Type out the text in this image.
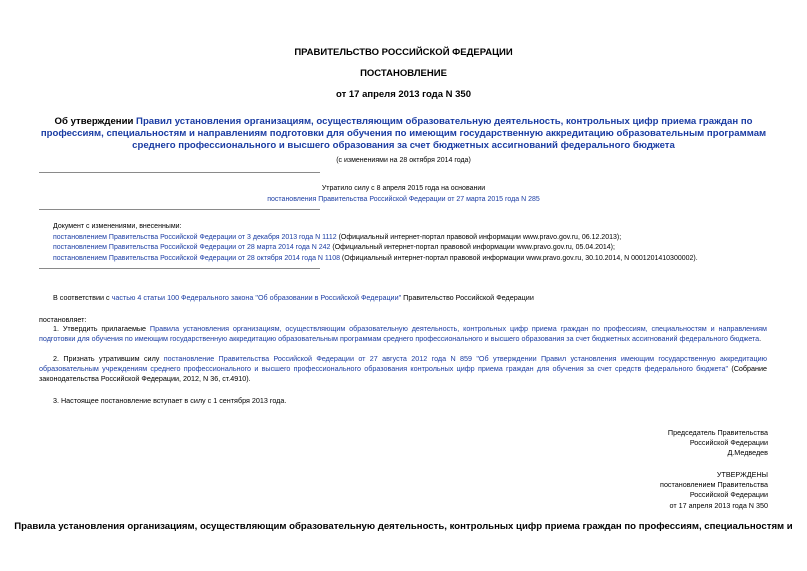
ПРАВИТЕЛЬСТВО РОССИЙСКОЙ ФЕДЕРАЦИИ
ПОСТАНОВЛЕНИЕ
от 17 апреля 2013 года N 350
Об утверждении Правил установления организациям, осуществляющим образовательную деятельность, контрольных цифр приема граждан по профессиям, специальностям и направлениям подготовки для обучения по имеющим государственную аккредитацию образовательным программам среднего профессионального и высшего образования за счет бюджетных ассигнований федерального бюджета
(с изменениями на 28 октября 2014 года)
Утратило силу с 8 апреля 2015 года на основании
постановления Правительства Российской Федерации от 27 марта 2015 года N 285
Документ с изменениями, внесенными:
постановлением Правительства Российской Федерации от 3 декабря 2013 года N 1112 (Официальный интернет-портал правовой информации www.pravo.gov.ru, 06.12.2013);
постановлением Правительства Российской Федерации от 28 марта 2014 года N 242 (Официальный интернет-портал правовой информации www.pravo.gov.ru, 05.04.2014);
постановлением Правительства Российской Федерации от 28 октября 2014 года N 1108 (Официальный интернет-портал правовой информации www.pravo.gov.ru, 30.10.2014, N 0001201410300002).
В соответствии с частью 4 статьи 100 Федерального закона "Об образовании в Российской Федерации" Правительство Российской Федерации
постановляет:
1. Утвердить прилагаемые Правила установления организациям, осуществляющим образовательную деятельность, контрольных цифр приема граждан по профессиям, специальностям и направлениям подготовки для обучения по имеющим государственную аккредитацию образовательным программам среднего профессионального и высшего образования за счет бюджетных ассигнований федерального бюджета.
2. Признать утратившим силу постановление Правительства Российской Федерации от 27 августа 2012 года N 859 "Об утверждении Правил установления имеющим государственную аккредитацию образовательным учреждениям среднего профессионального и высшего профессионального образования контрольных цифр приема граждан для обучения за счет средств федерального бюджета" (Собрание законодательства Российской Федерации, 2012, N 36, ст.4910).
3. Настоящее постановление вступает в силу с 1 сентября 2013 года.
Председатель Правительства
Российской Федерации
Д.Медведев
УТВЕРЖДЕНЫ
постановлением Правительства
Российской Федерации
от 17 апреля 2013 года N 350
Правила установления организациям, осуществляющим образовательную деятельность, контрольных цифр приема граждан по профессиям, специальностям и
